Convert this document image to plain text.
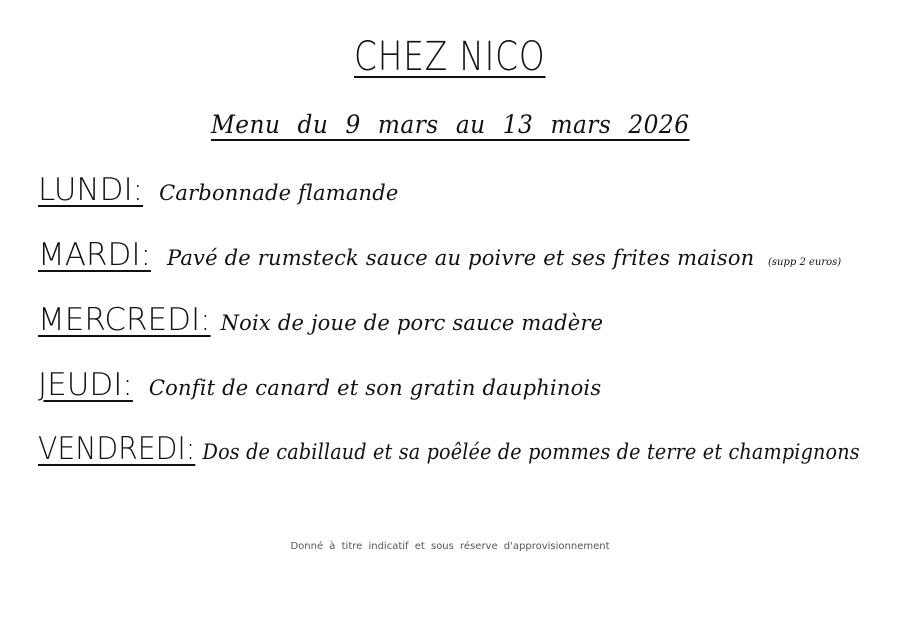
CHEZ NICO
Menu du 9 mars au 13 mars 2026
LUNDI: Carbonnade flamande
MARDI: Pavé de rumsteck sauce au poivre et ses frites maison (supp 2 euros)
MERCREDI: Noix de joue de porc sauce madère
JEUDI: Confit de canard et son gratin dauphinois
VENDREDI: Dos de cabillaud et sa poêlée de pommes de terre et champignons
Donné à titre indicatif et sous réserve d'approvisionnement
